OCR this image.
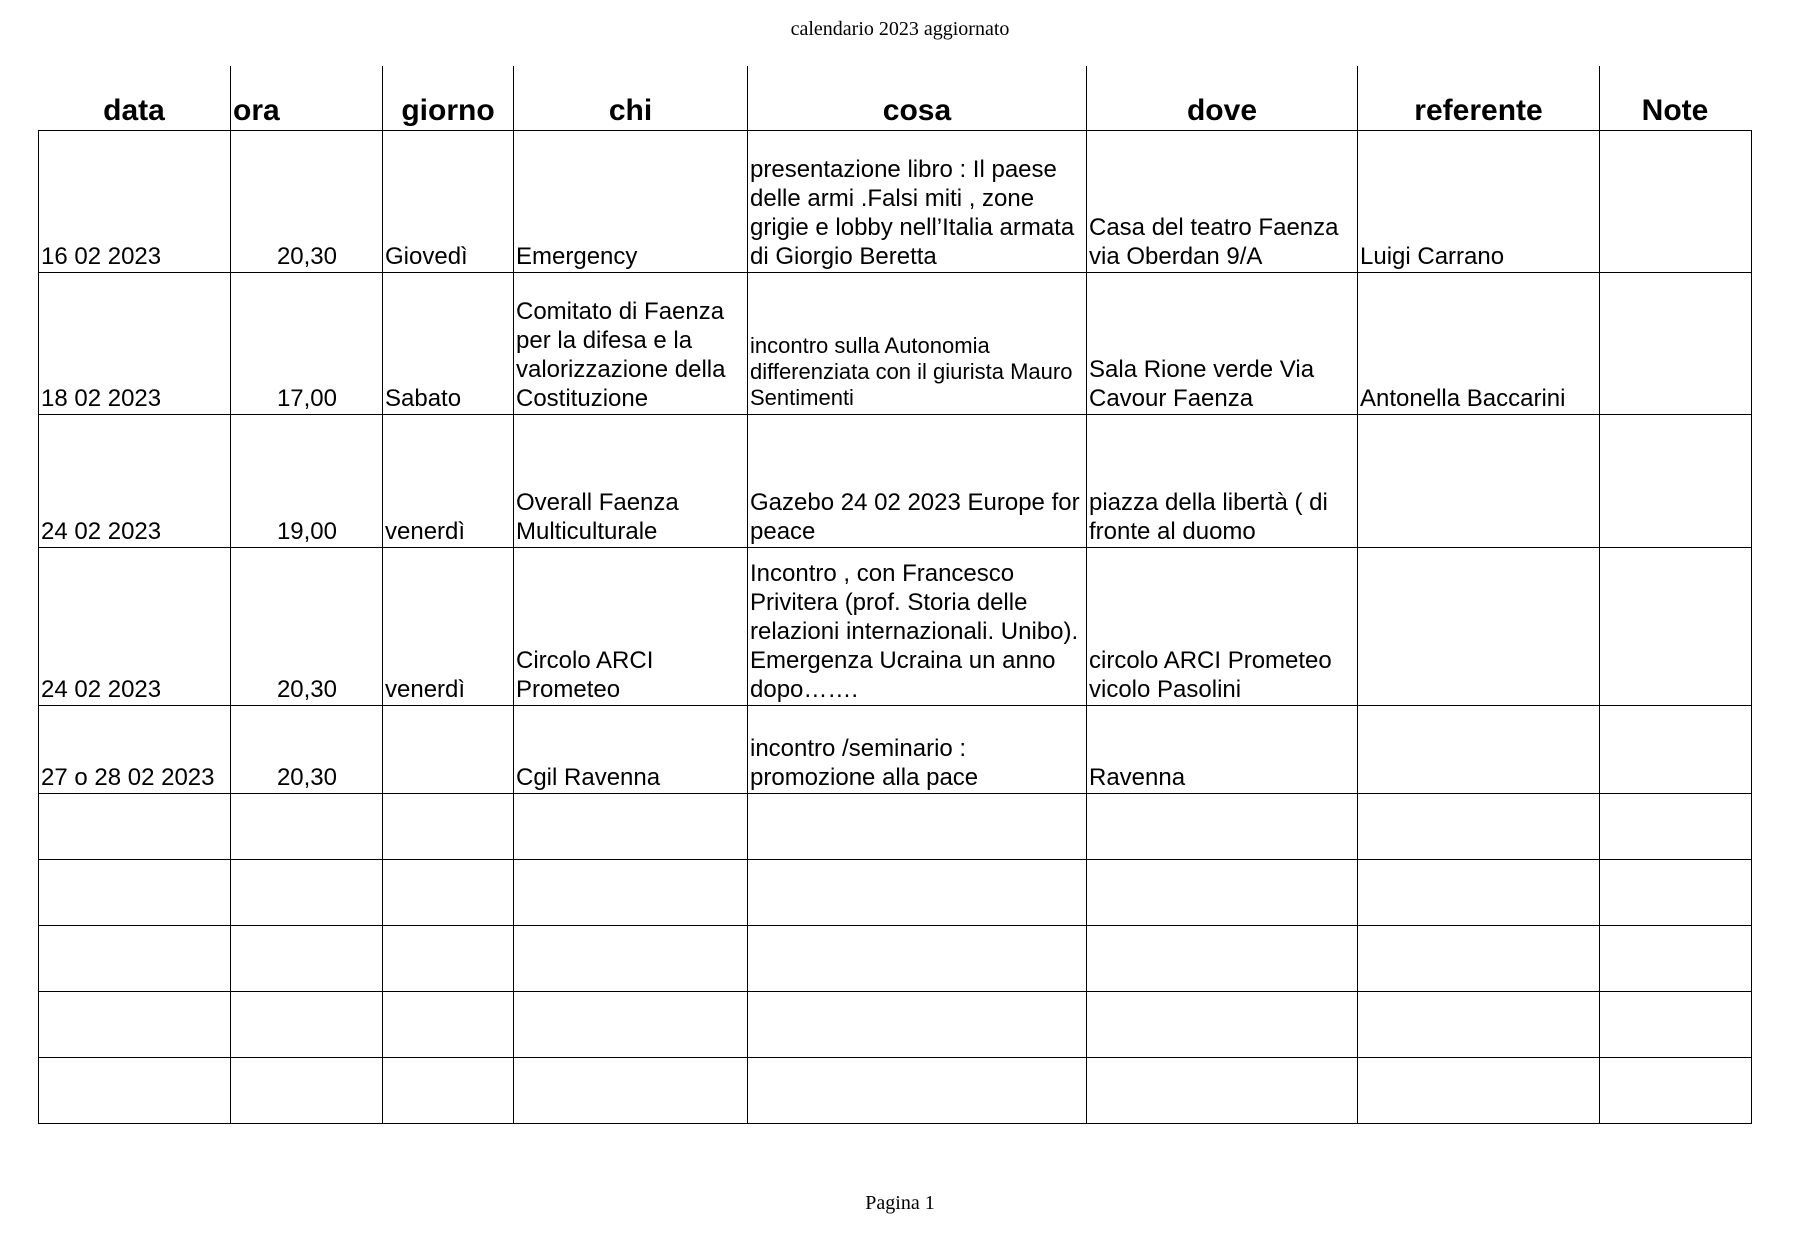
calendario 2023 aggiornato
data	ora	giorno	chi	cosa	dove	referente	Note
16 02 2023	20,30	Giovedì	Emergency	presentazione libro : Il paese delle armi .Falsi miti , zone grigie e lobby nell’Italia armata di Giorgio Beretta	Casa del teatro Faenza via Oberdan 9/A	Luigi Carrano	
18 02 2023	17,00	Sabato	Comitato di Faenza per la difesa e la valorizzazione della Costituzione	incontro sulla Autonomia differenziata con il giurista Mauro Sentimenti	Sala Rione verde Via Cavour Faenza	Antonella Baccarini	
24 02 2023	19,00	venerdì	Overall Faenza Multiculturale	Gazebo 24 02 2023 Europe for peace	piazza della libertà ( di fronte al duomo		
24 02 2023	20,30	venerdì	Circolo ARCI Prometeo	Incontro , con Francesco Privitera (prof. Storia delle relazioni internazionali. Unibo). Emergenza Ucraina un anno dopo…….	circolo ARCI Prometeo     vicolo Pasolini		
27 o 28 02 2023	20,30		Cgil Ravenna	incontro /seminario : promozione alla pace	Ravenna		

Pagina 1
